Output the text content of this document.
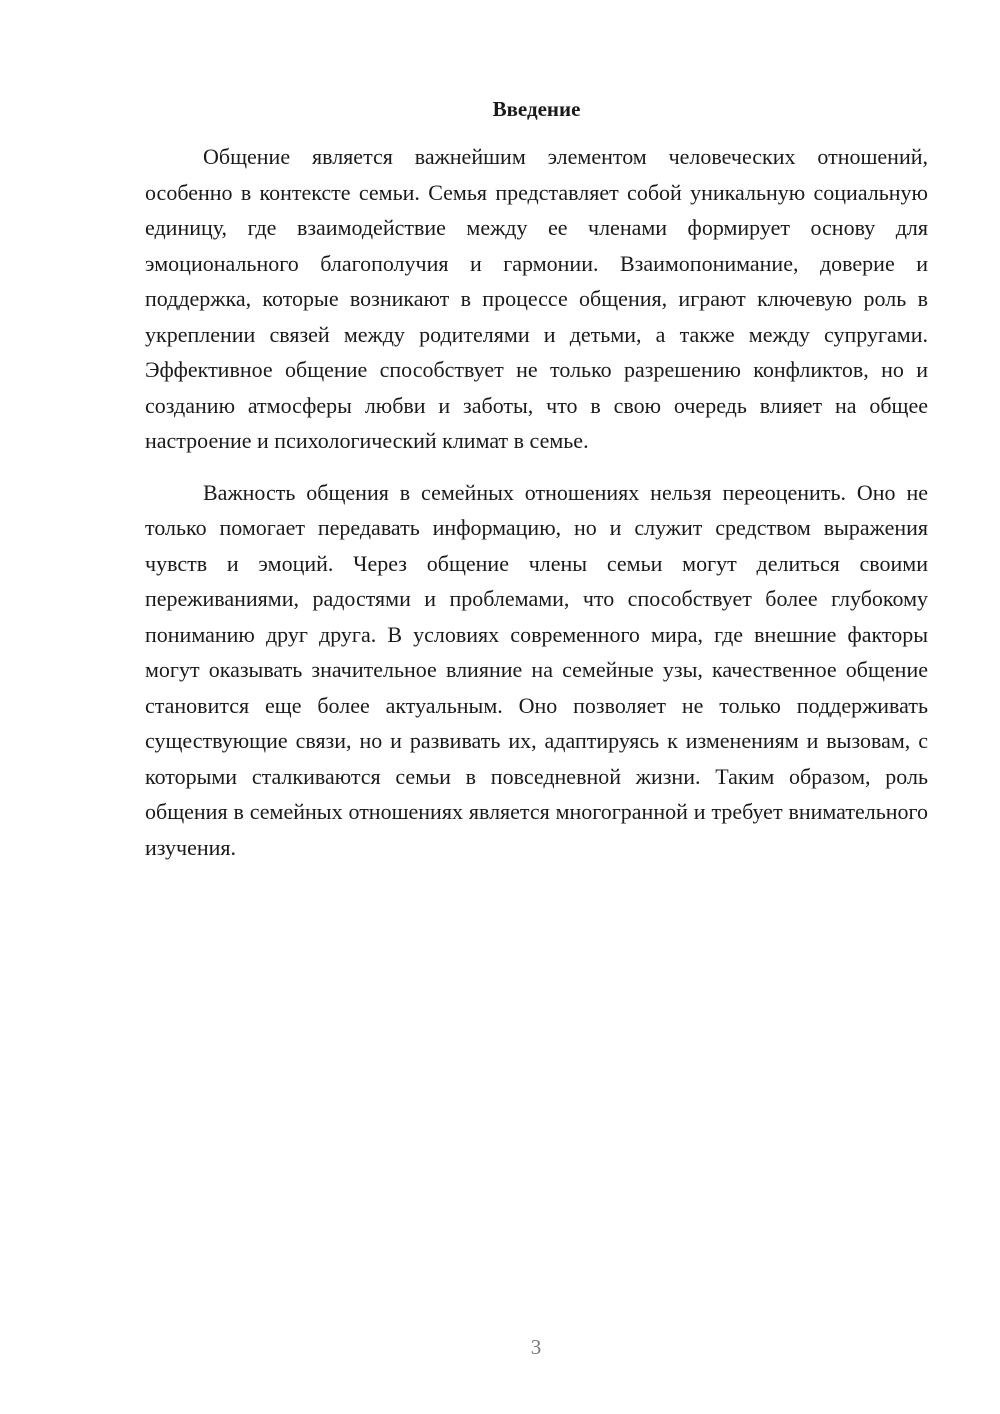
Введение

Общение является важнейшим элементом человеческих отношений, особенно в контексте семьи. Семья представляет собой уникальную социальную единицу, где взаимодействие между ее членами формирует основу для эмоционального благополучия и гармонии. Взаимопонимание, доверие и поддержка, которые возникают в процессе общения, играют ключевую роль в укреплении связей между родителями и детьми, а также между супругами. Эффективное общение способствует не только разрешению конфликтов, но и созданию атмосферы любви и заботы, что в свою очередь влияет на общее настроение и психологический климат в семье.

Важность общения в семейных отношениях нельзя переоценить. Оно не только помогает передавать информацию, но и служит средством выражения чувств и эмоций. Через общение члены семьи могут делиться своими переживаниями, радостями и проблемами, что способствует более глубокому пониманию друг друга. В условиях современного мира, где внешние факторы могут оказывать значительное влияние на семейные узы, качественное общение становится еще более актуальным. Оно позволяет не только поддерживать существующие связи, но и развивать их, адаптируясь к изменениям и вызовам, с которыми сталкиваются семьи в повседневной жизни. Таким образом, роль общения в семейных отношениях является многогранной и требует внимательного изучения.

3
